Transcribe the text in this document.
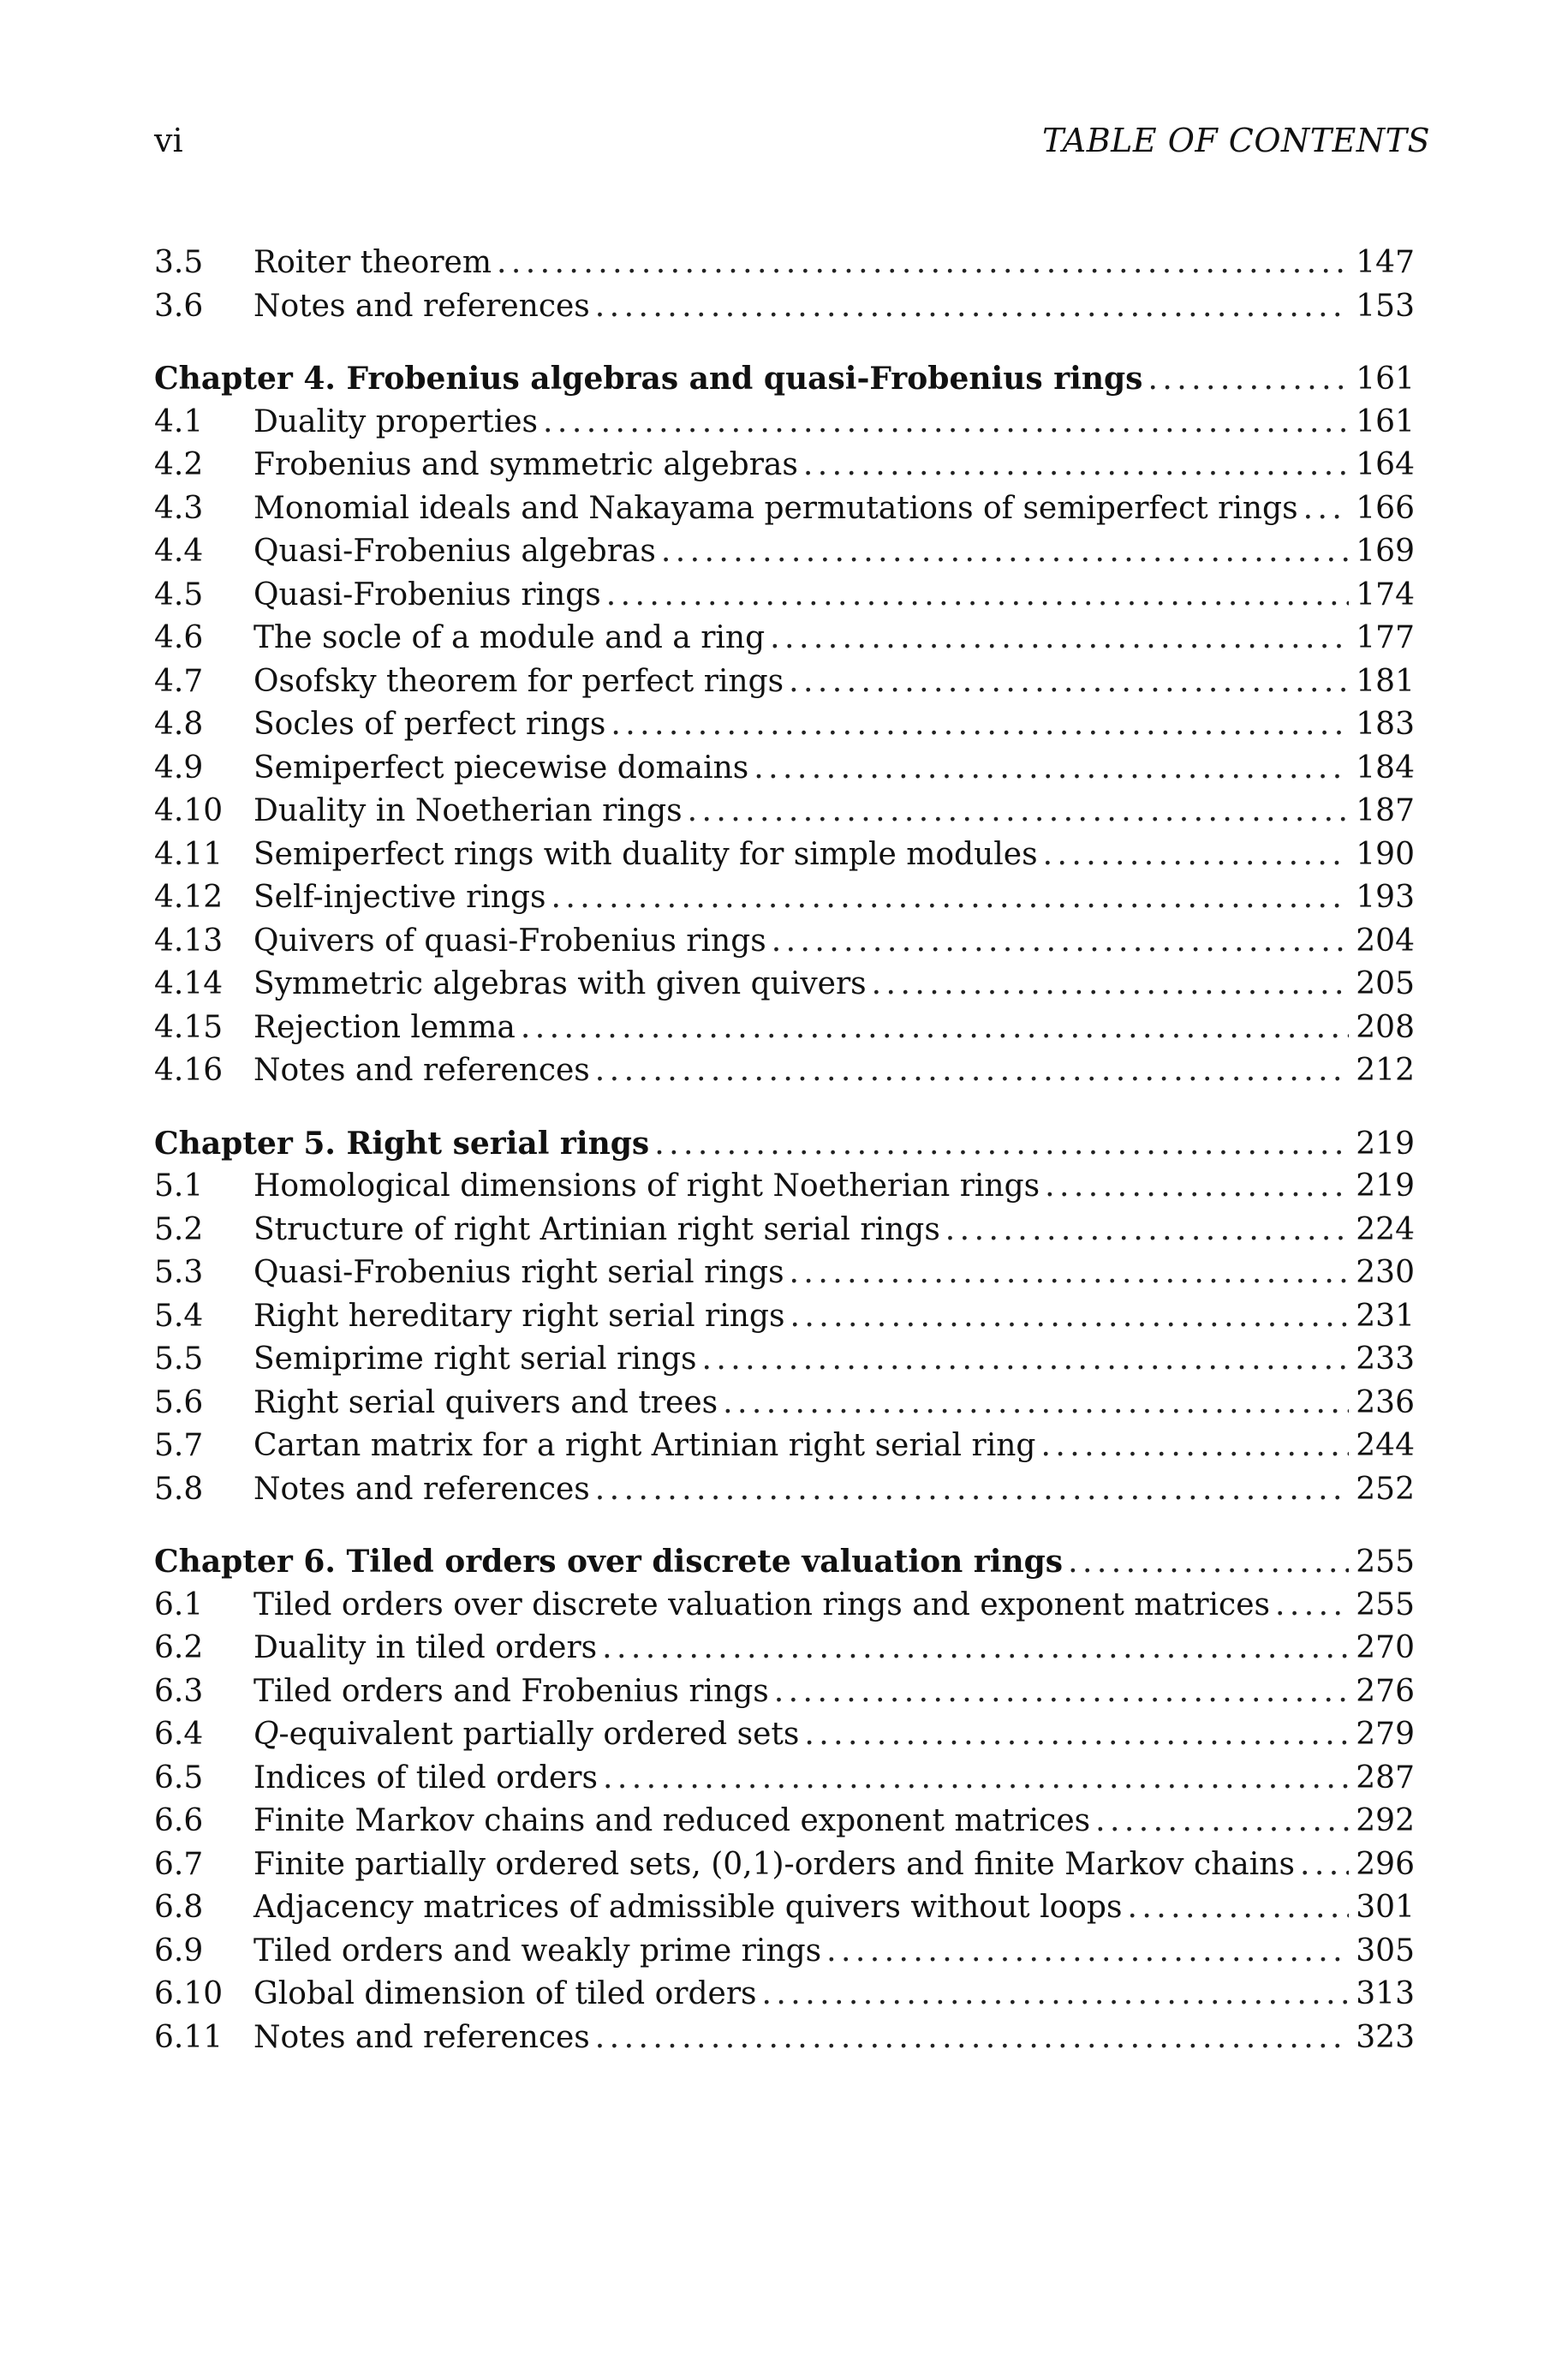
vi	TABLE OF CONTENTS
3.5	Roiter theorem . . .	147
3.6	Notes and references . . .	153
Chapter 4. Frobenius algebras and quasi-Frobenius rings . . .	161
4.1	Duality properties . . .	161
4.2	Frobenius and symmetric algebras . . .	164
4.3	Monomial ideals and Nakayama permutations of semiperfect rings . . . 166
4.4	Quasi-Frobenius algebras . . .	169
4.5	Quasi-Frobenius rings . . .	174
4.6	The socle of a module and a ring . . .	177
4.7	Osofsky theorem for perfect rings . . .	181
4.8	Socles of perfect rings . . .	183
4.9	Semiperfect piecewise domains . . .	184
4.10 Duality in Noetherian rings . . .	187
4.11 Semiperfect rings with duality for simple modules . . .	190
4.12 Self-injective rings . . .	193
4.13 Quivers of quasi-Frobenius rings . . .	204
4.14 Symmetric algebras with given quivers . . .	205
4.15 Rejection lemma . . .	208
4.16 Notes and references . . .	212
Chapter 5. Right serial rings . . .	219
5.1	Homological dimensions of right Noetherian rings . . .	219
5.2	Structure of right Artinian right serial rings . . .	224
5.3	Quasi-Frobenius right serial rings . . .	230
5.4	Right hereditary right serial rings . . .	231
5.5	Semiprime right serial rings . . .	233
5.6	Right serial quivers and trees . . .	236
5.7	Cartan matrix for a right Artinian right serial ring . . .	244
5.8	Notes and references . . .	252
Chapter 6. Tiled orders over discrete valuation rings . . .	255
6.1	Tiled orders over discrete valuation rings and exponent matrices . . .	255
6.2	Duality in tiled orders . . .	270
6.3	Tiled orders and Frobenius rings . . .	276
6.4	Q-equivalent partially ordered sets . . .	279
6.5	Indices of tiled orders . . .	287
6.6	Finite Markov chains and reduced exponent matrices . . .	292
6.7	Finite partially ordered sets, (0,1)-orders and finite Markov chains . . . 296
6.8	Adjacency matrices of admissible quivers without loops . . .	301
6.9	Tiled orders and weakly prime rings . . .	305
6.10 Global dimension of tiled orders . . .	313
6.11 Notes and references . . .	323
